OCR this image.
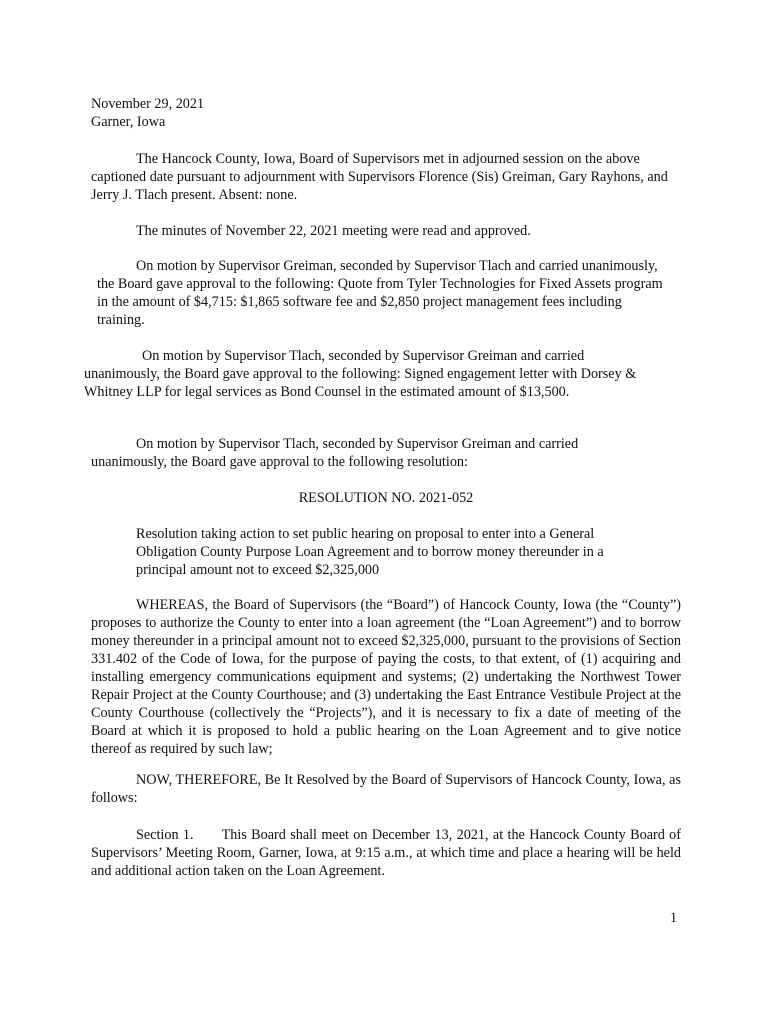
November 29, 2021
Garner, Iowa

The Hancock County, Iowa, Board of Supervisors met in adjourned session on the above captioned date pursuant to adjournment with Supervisors Florence (Sis) Greiman, Gary Rayhons, and Jerry J. Tlach present. Absent: none.

The minutes of November 22, 2021 meeting were read and approved.

On motion by Supervisor Greiman, seconded by Supervisor Tlach and carried unanimously, the Board gave approval to the following: Quote from Tyler Technologies for Fixed Assets program in the amount of $4,715: $1,865 software fee and $2,850 project management fees including training.

On motion by Supervisor Tlach, seconded by Supervisor Greiman and carried unanimously, the Board gave approval to the following: Signed engagement letter with Dorsey & Whitney LLP for legal services as Bond Counsel in the estimated amount of $13,500.

On motion by Supervisor Tlach, seconded by Supervisor Greiman and carried unanimously, the Board gave approval to the following resolution:

RESOLUTION NO. 2021-052

Resolution taking action to set public hearing on proposal to enter into a General Obligation County Purpose Loan Agreement and to borrow money thereunder in a principal amount not to exceed $2,325,000

WHEREAS, the Board of Supervisors (the “Board”) of Hancock County, Iowa (the “County”) proposes to authorize the County to enter into a loan agreement (the “Loan Agreement”) and to borrow money thereunder in a principal amount not to exceed $2,325,000, pursuant to the provisions of Section 331.402 of the Code of Iowa, for the purpose of paying the costs, to that extent, of (1) acquiring and installing emergency communications equipment and systems; (2) undertaking the Northwest Tower Repair Project at the County Courthouse; and (3) undertaking the East Entrance Vestibule Project at the County Courthouse (collectively the “Projects”), and it is necessary to fix a date of meeting of the Board at which it is proposed to hold a public hearing on the Loan Agreement and to give notice thereof as required by such law;

NOW, THEREFORE, Be It Resolved by the Board of Supervisors of Hancock County, Iowa, as follows:

Section 1. This Board shall meet on December 13, 2021, at the Hancock County Board of Supervisors’ Meeting Room, Garner, Iowa, at 9:15 a.m., at which time and place a hearing will be held and additional action taken on the Loan Agreement.

1
